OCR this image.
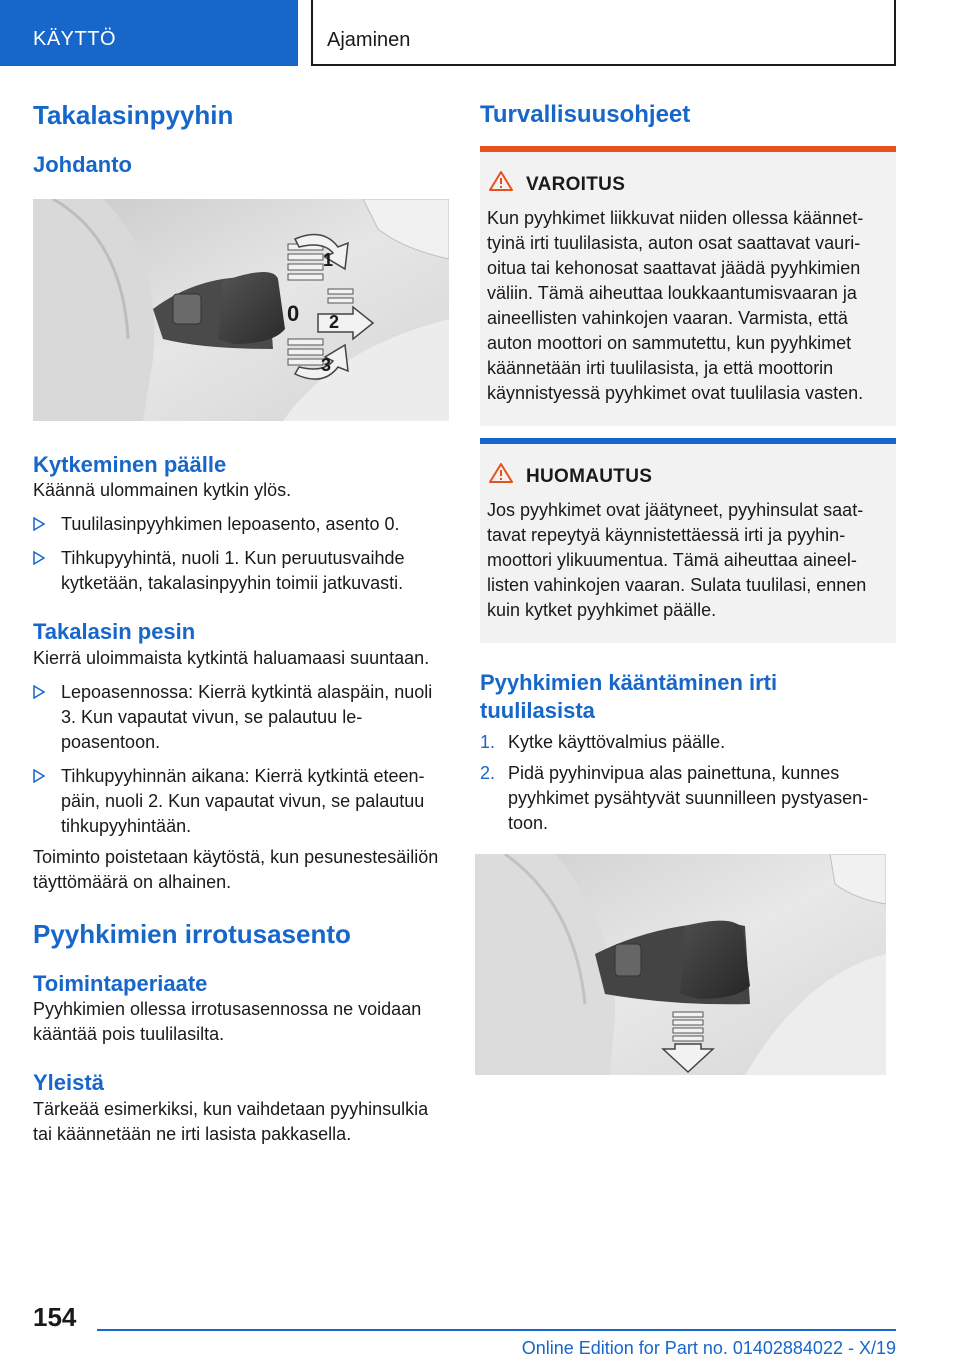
KÄYTTÖ	Ajaminen
Takalasinpyyhin
Johdanto
1
0 2
3
Kytkeminen päälle

Käännä ulommainen kytkin ylös.

Tuulilasinpyyhkimen lepoasento, asento 0.
Tihkupyyhintä, nuoli 1. Kun peruutusvaihde kytketään, takalasinpyyhin toimii jatkuvasti.
Takalasin pesin

Kierrä uloimmaista kytkintä haluamaasi suuntaan.

Lepoasennossa: Kierrä kytkintä alaspäin, nuoli 3. Kun vapautat vivun, se palautuu lepoasentoon.
Tihkupyyhinnän aikana: Kierrä kytkintä eteenpäin, nuoli 2. Kun vapautat vivun, se palautuu tihkupyyhintään.

Toiminto poistetaan käytöstä, kun pesunestesäiliön täyttömäärä on alhainen.

Pyyhkimien irrotusasento
Toimintaperiaate

Pyyhkimien ollessa irrotusasennossa ne voidaan kääntää pois tuulilasilta.

Yleistä

Tärkeää esimerkiksi, kun vaihdetaan pyyhinsulkia tai käännetään ne irti lasista pakkasella.

Turvallisuusohjeet
VAROITUS

Kun pyyhkimet liikkuvat niiden ollessa käännettyinä irti tuulilasista, auton osat saattavat vaurioitua tai kehonosat saattavat jäädä pyyhkimien väliin. Tämä aiheuttaa loukkaantumisvaaran ja aineellisten vahinkojen vaaran. Varmista, että auton moottori on sammutettu, kun pyyhkimet käännetään irti tuulilasista, ja että moottorin käynnistyessä pyyhkimet ovat tuulilasia vasten.

HUOMAUTUS

Jos pyyhkimet ovat jäätyneet, pyyhinsulat saattavat repeytyä käynnistettäessä irti ja pyyhinmoottori ylikuumentua. Tämä aiheuttaa aineellisten vahinkojen vaaran. Sulata tuulilasi, ennen kuin kytket pyyhkimet päälle.

Pyyhkimien kääntäminen irti tuulilasista
1. Kytke käyttövalmius päälle.
2. Pidä pyyhinvipua alas painettuna, kunnes pyyhkimet pysähtyvät suunnilleen pystyasentoon.
154
Online Edition for Part no. 01402884022 - X/19
